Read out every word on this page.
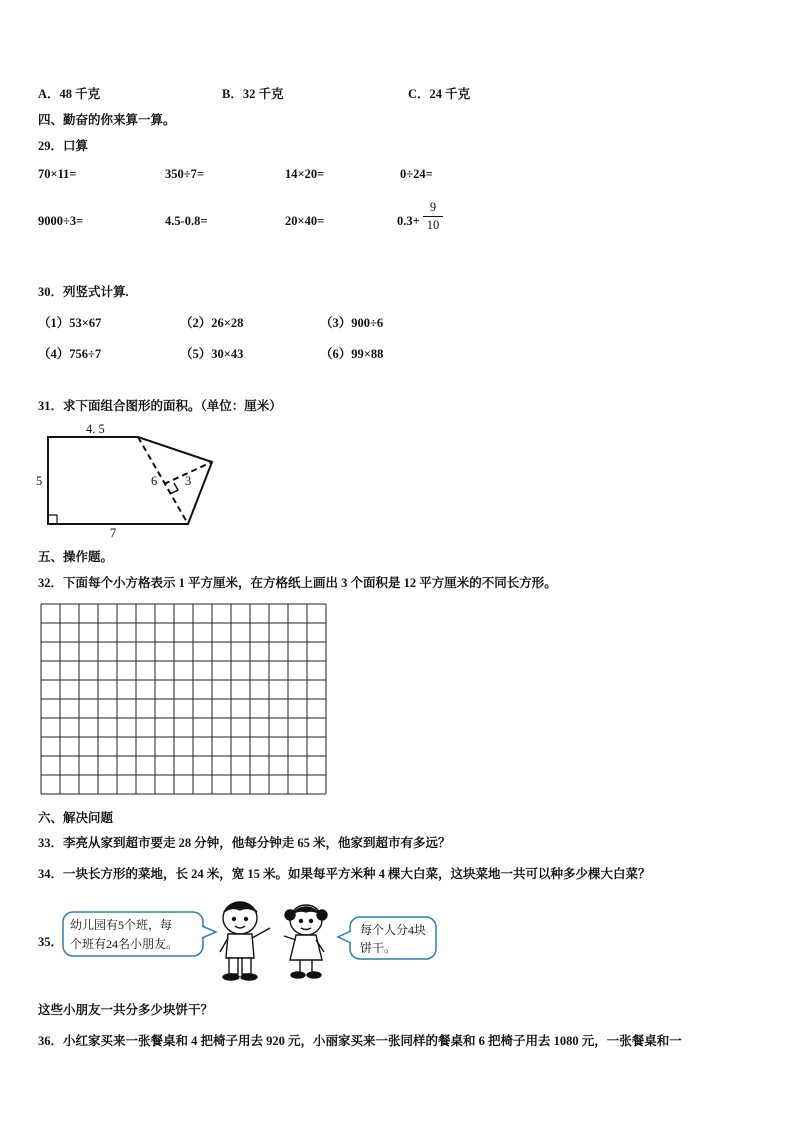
A．48 千克	B．32 千克	C．24 千克
四、勤奋的你来算一算。
29．口算
70×11=	350÷7=	14×20=	0÷24=
9000÷3=	4.5-0.8=	20×40=	0.3+
9
10
30．列竖式计算.
（1）53×67	（2）26×28	（3）900÷6
（4）756÷7	（5）30×43	（6）99×88
31．求下面组合图形的面积。（单位：厘米）
4. 5
5
7
6 3
五、操作题。
32．下面每个小方格表示 1 平方厘米，在方格纸上画出 3 个面积是 12 平方厘米的不同长方形。
六、解决问题
33．李亮从家到超市要走 28 分钟，他每分钟走 65 米，他家到超市有多远？
34．一块长方形的菜地，长 24 米，宽 15 米。如果每平方米种 4 棵大白菜，这块菜地一共可以种多少棵大白菜？
35．
幼儿园有5个班，每
个班有24名小朋友。
每个人分4块
饼干。
这些小朋友一共分多少块饼干？
36．小红家买来一张餐桌和 4 把椅子用去 920 元，小丽家买来一张同样的餐桌和 6 把椅子用去 1080 元，一张餐桌和一
